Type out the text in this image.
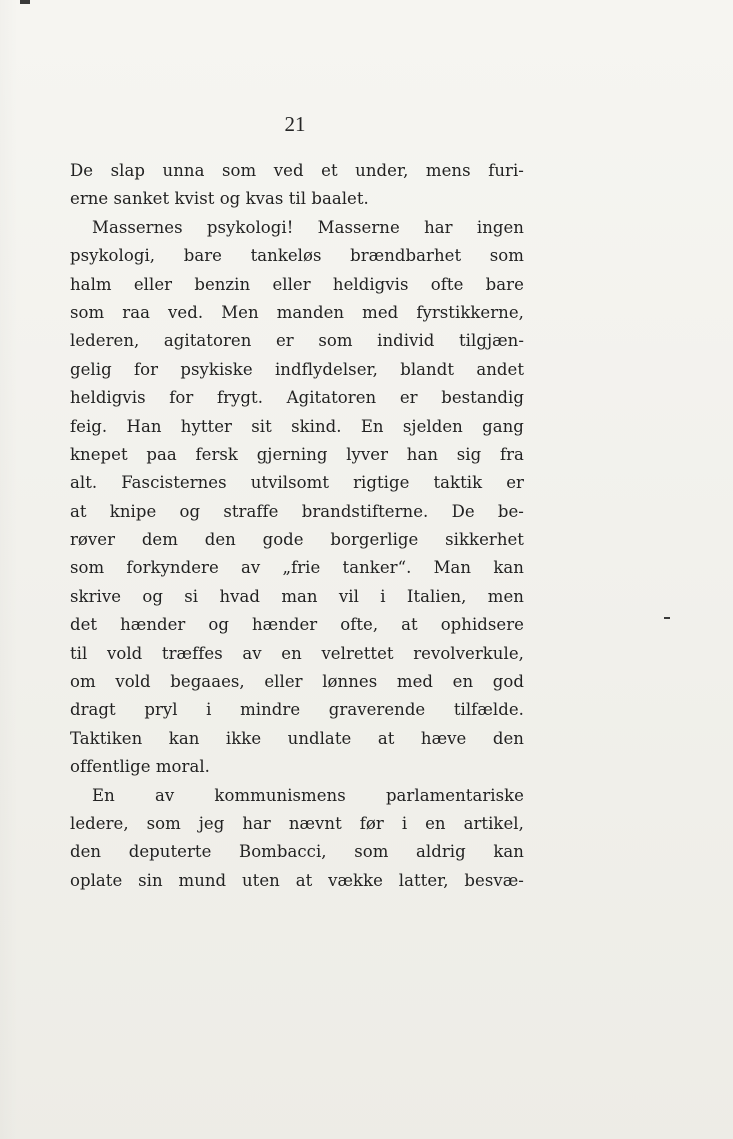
21
De slap unna som ved et under, mens furi-
erne sanket kvist og kvas til baalet.
Massernes psykologi! Masserne har ingen
psykologi, bare tankeløs brændbarhet som
halm eller benzin eller heldigvis ofte bare
som raa ved. Men manden med fyrstikkerne,
lederen, agitatoren er som individ tilgjæn-
gelig for psykiske indflydelser, blandt andet
heldigvis for frygt. Agitatoren er bestandig
feig. Han hytter sit skind. En sjelden gang
knepet paa fersk gjerning lyver han sig fra
alt. Fascisternes utvilsomt rigtige taktik er
at knipe og straffe brandstifterne. De be-
røver dem den gode borgerlige sikkerhet
som forkyndere av „frie tanker“. Man kan
skrive og si hvad man vil i Italien, men
det hænder og hænder ofte, at ophidsere
til vold træffes av en velrettet revolverkule,
om vold begaaes, eller lønnes med en god
dragt pryl i mindre graverende tilfælde.
Taktiken kan ikke undlate at hæve den
offentlige moral.
En av kommunismens parlamentariske
ledere, som jeg har nævnt før i en artikel,
den deputerte Bombacci, som aldrig kan
oplate sin mund uten at vække latter, besvæ-
